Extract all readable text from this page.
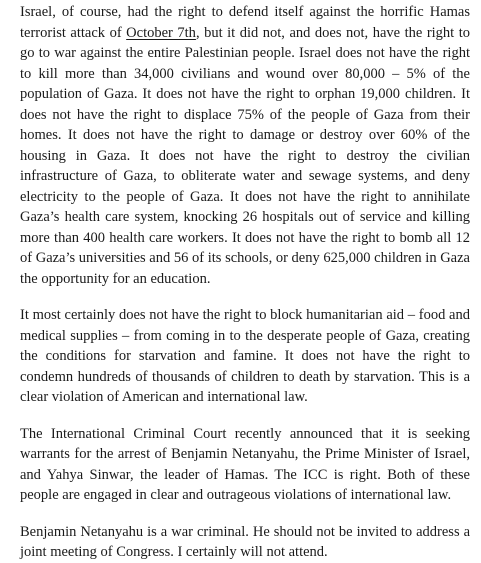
Israel, of course, had the right to defend itself against the horrific Hamas terrorist attack of October 7th, but it did not, and does not, have the right to go to war against the entire Palestinian people. Israel does not have the right to kill more than 34,000 civilians and wound over 80,000 – 5% of the population of Gaza. It does not have the right to orphan 19,000 children. It does not have the right to displace 75% of the people of Gaza from their homes. It does not have the right to damage or destroy over 60% of the housing in Gaza. It does not have the right to destroy the civilian infrastructure of Gaza, to obliterate water and sewage systems, and deny electricity to the people of Gaza. It does not have the right to annihilate Gaza’s health care system, knocking 26 hospitals out of service and killing more than 400 health care workers. It does not have the right to bomb all 12 of Gaza’s universities and 56 of its schools, or deny 625,000 children in Gaza the opportunity for an education.

It most certainly does not have the right to block humanitarian aid – food and medical supplies – from coming in to the desperate people of Gaza, creating the conditions for starvation and famine. It does not have the right to condemn hundreds of thousands of children to death by starvation. This is a clear violation of American and international law.

The International Criminal Court recently announced that it is seeking warrants for the arrest of Benjamin Netanyahu, the Prime Minister of Israel, and Yahya Sinwar, the leader of Hamas. The ICC is right. Both of these people are engaged in clear and outrageous violations of international law.

Benjamin Netanyahu is a war criminal. He should not be invited to address a joint meeting of Congress. I certainly will not attend.
